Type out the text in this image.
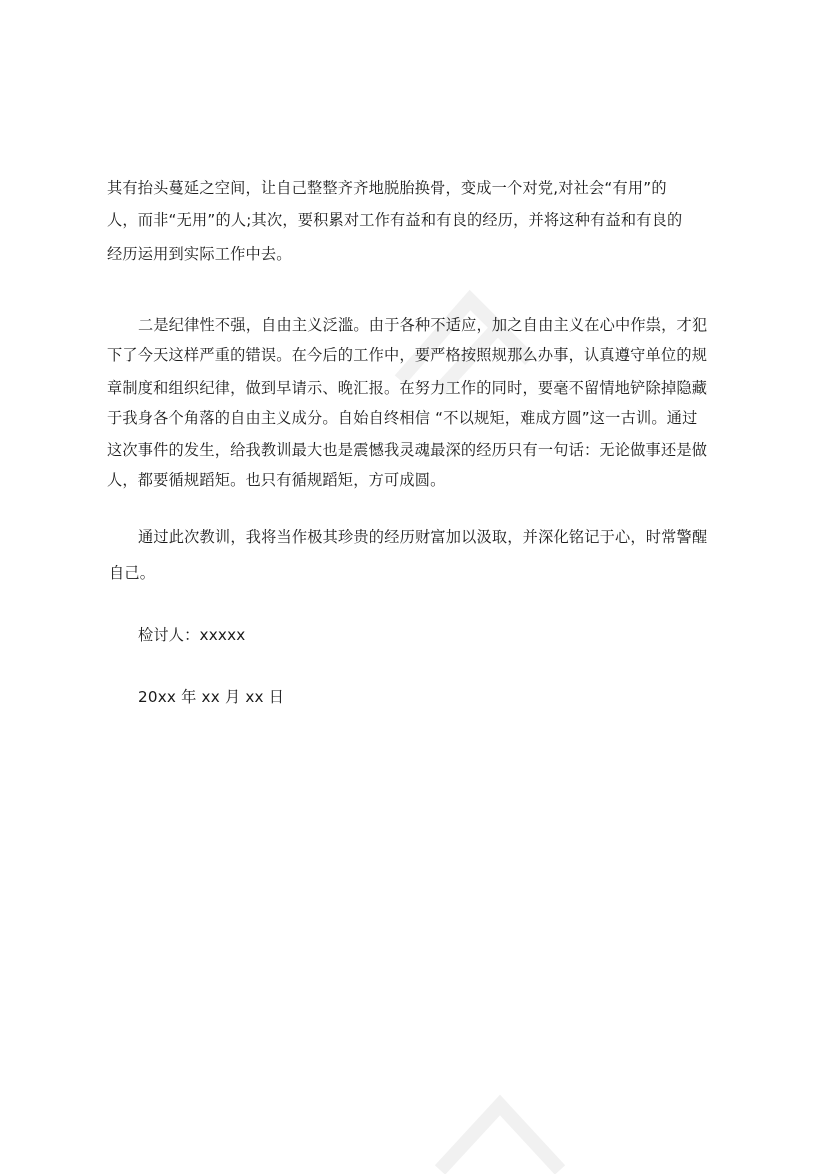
其有抬头蔓延之空间，让自己整整齐齐地脱胎换骨，变成一个对党,对社会“有用”的
人，而非“无用”的人;其次，要积累对工作有益和有良的经历，并将这种有益和有良的
经历运用到实际工作中去。
二是纪律性不强，自由主义泛滥。由于各种不适应，加之自由主义在心中作祟，才犯
下了今天这样严重的错误。在今后的工作中，要严格按照规那么办事，认真遵守单位的规
章制度和组织纪律，做到早请示、晚汇报。在努力工作的同时，要毫不留情地铲除掉隐藏
于我身各个角落的自由主义成分。自始自终相信 “不以规矩，难成方圆”这一古训。通过
这次事件的发生，给我教训最大也是震憾我灵魂最深的经历只有一句话：无论做事还是做
人，都要循规蹈矩。也只有循规蹈矩，方可成圆。
通过此次教训，我将当作极其珍贵的经历财富加以汲取，并深化铭记于心，时常警醒
自己。
检讨人：xxxxx
20xx 年 xx 月 xx 日
